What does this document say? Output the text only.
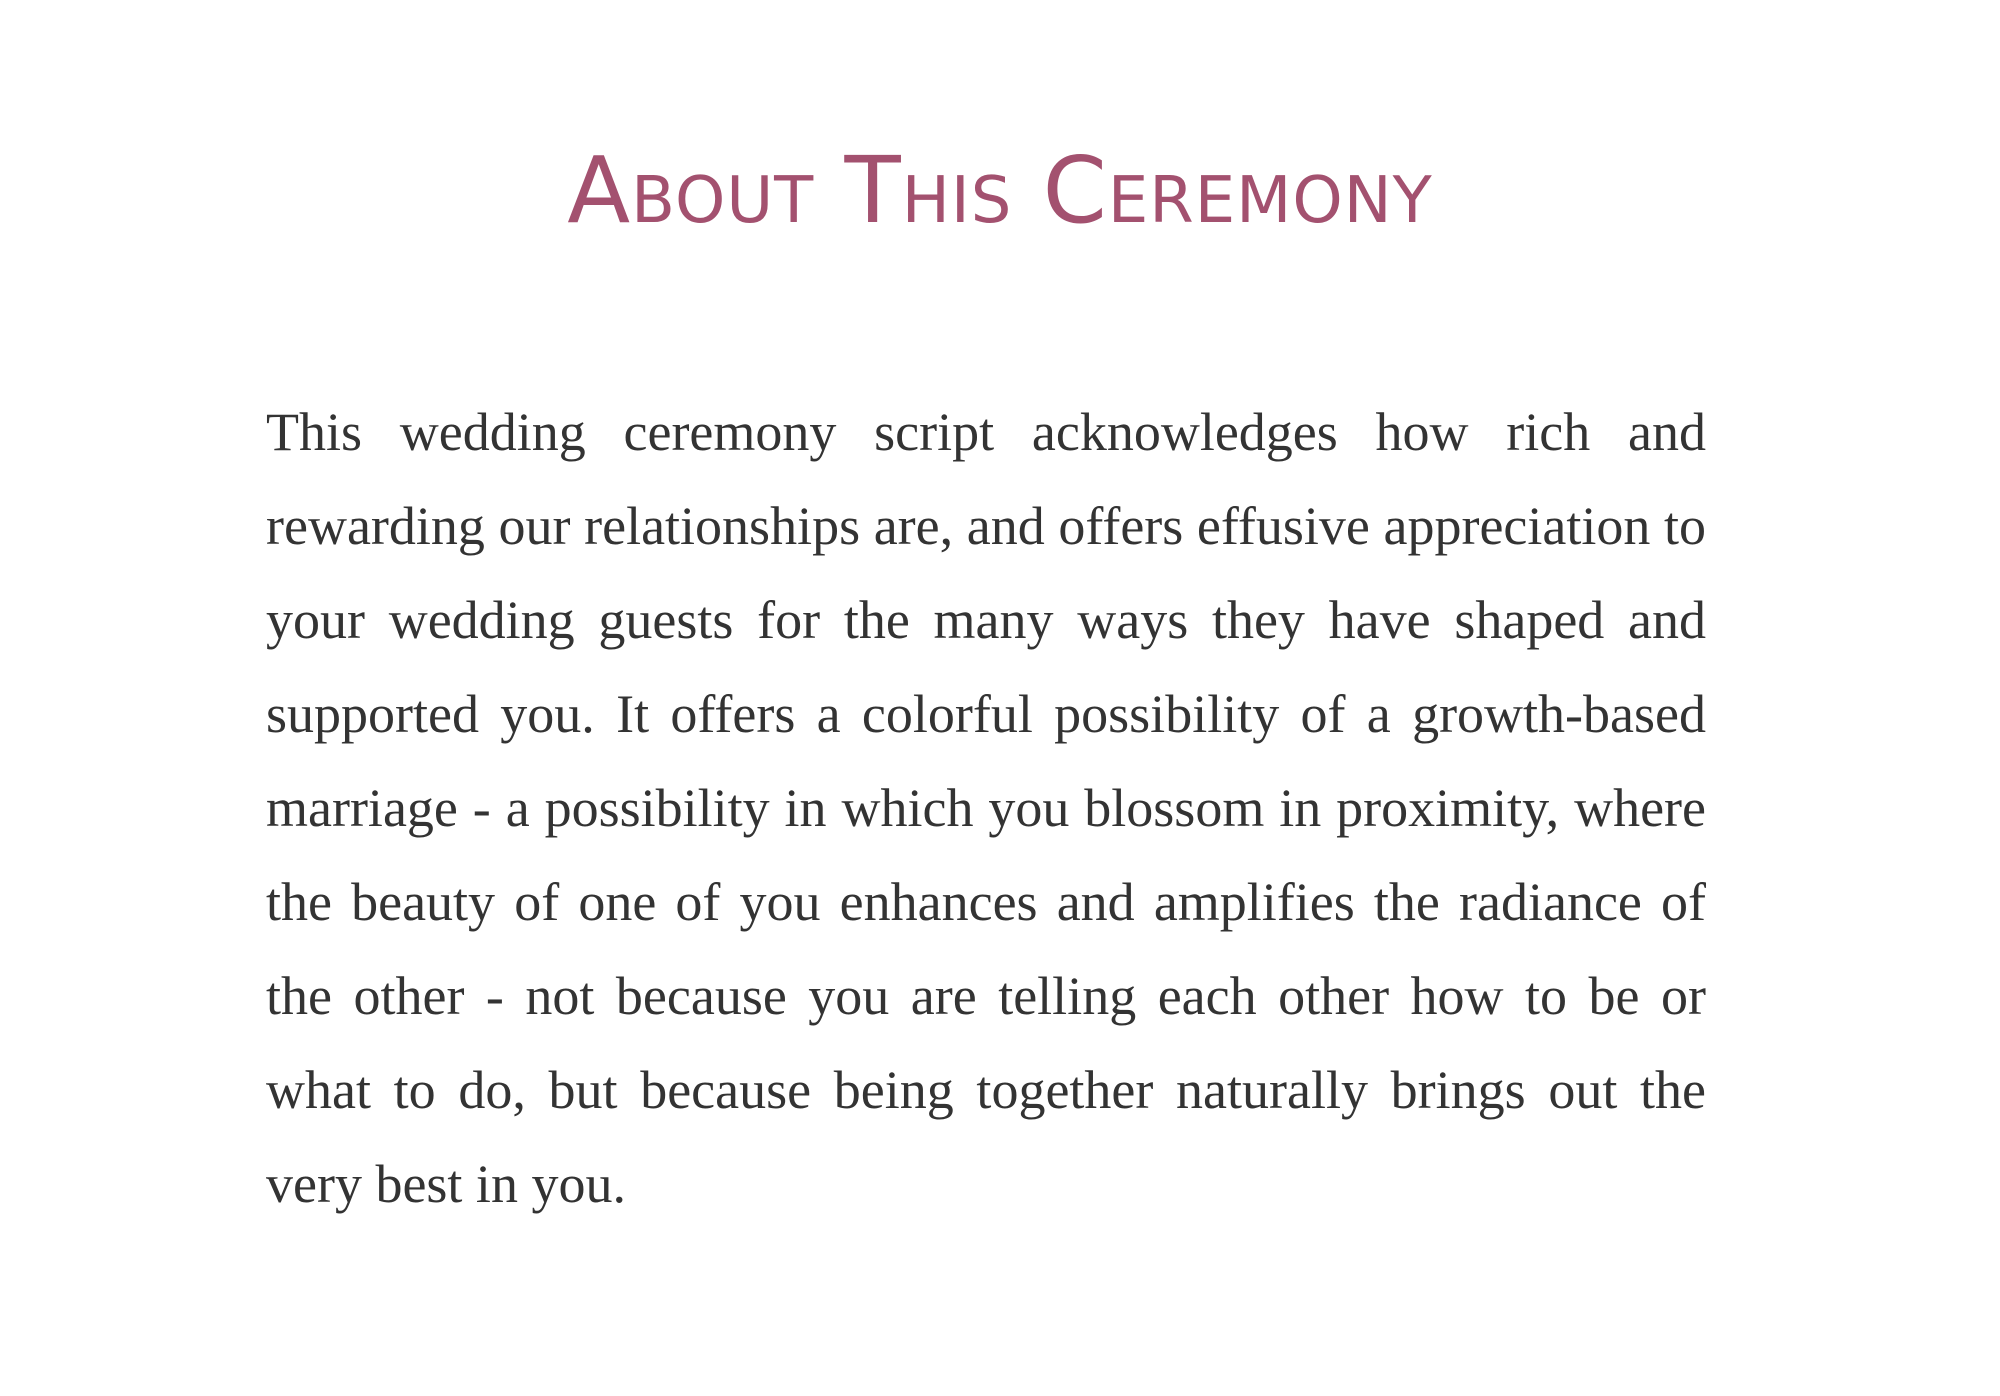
About This Ceremony

This wedding ceremony script acknowledges how rich and rewarding our relationships are, and offers effusive appreciation to your wedding guests for the many ways they have shaped and supported you. It offers a colorful possibility of a growth-based marriage - a possibility in which you blossom in proximity, where the beauty of one of you enhances and amplifies the radiance of the other - not because you are telling each other how to be or what to do, but because being together naturally brings out the very best in you.
